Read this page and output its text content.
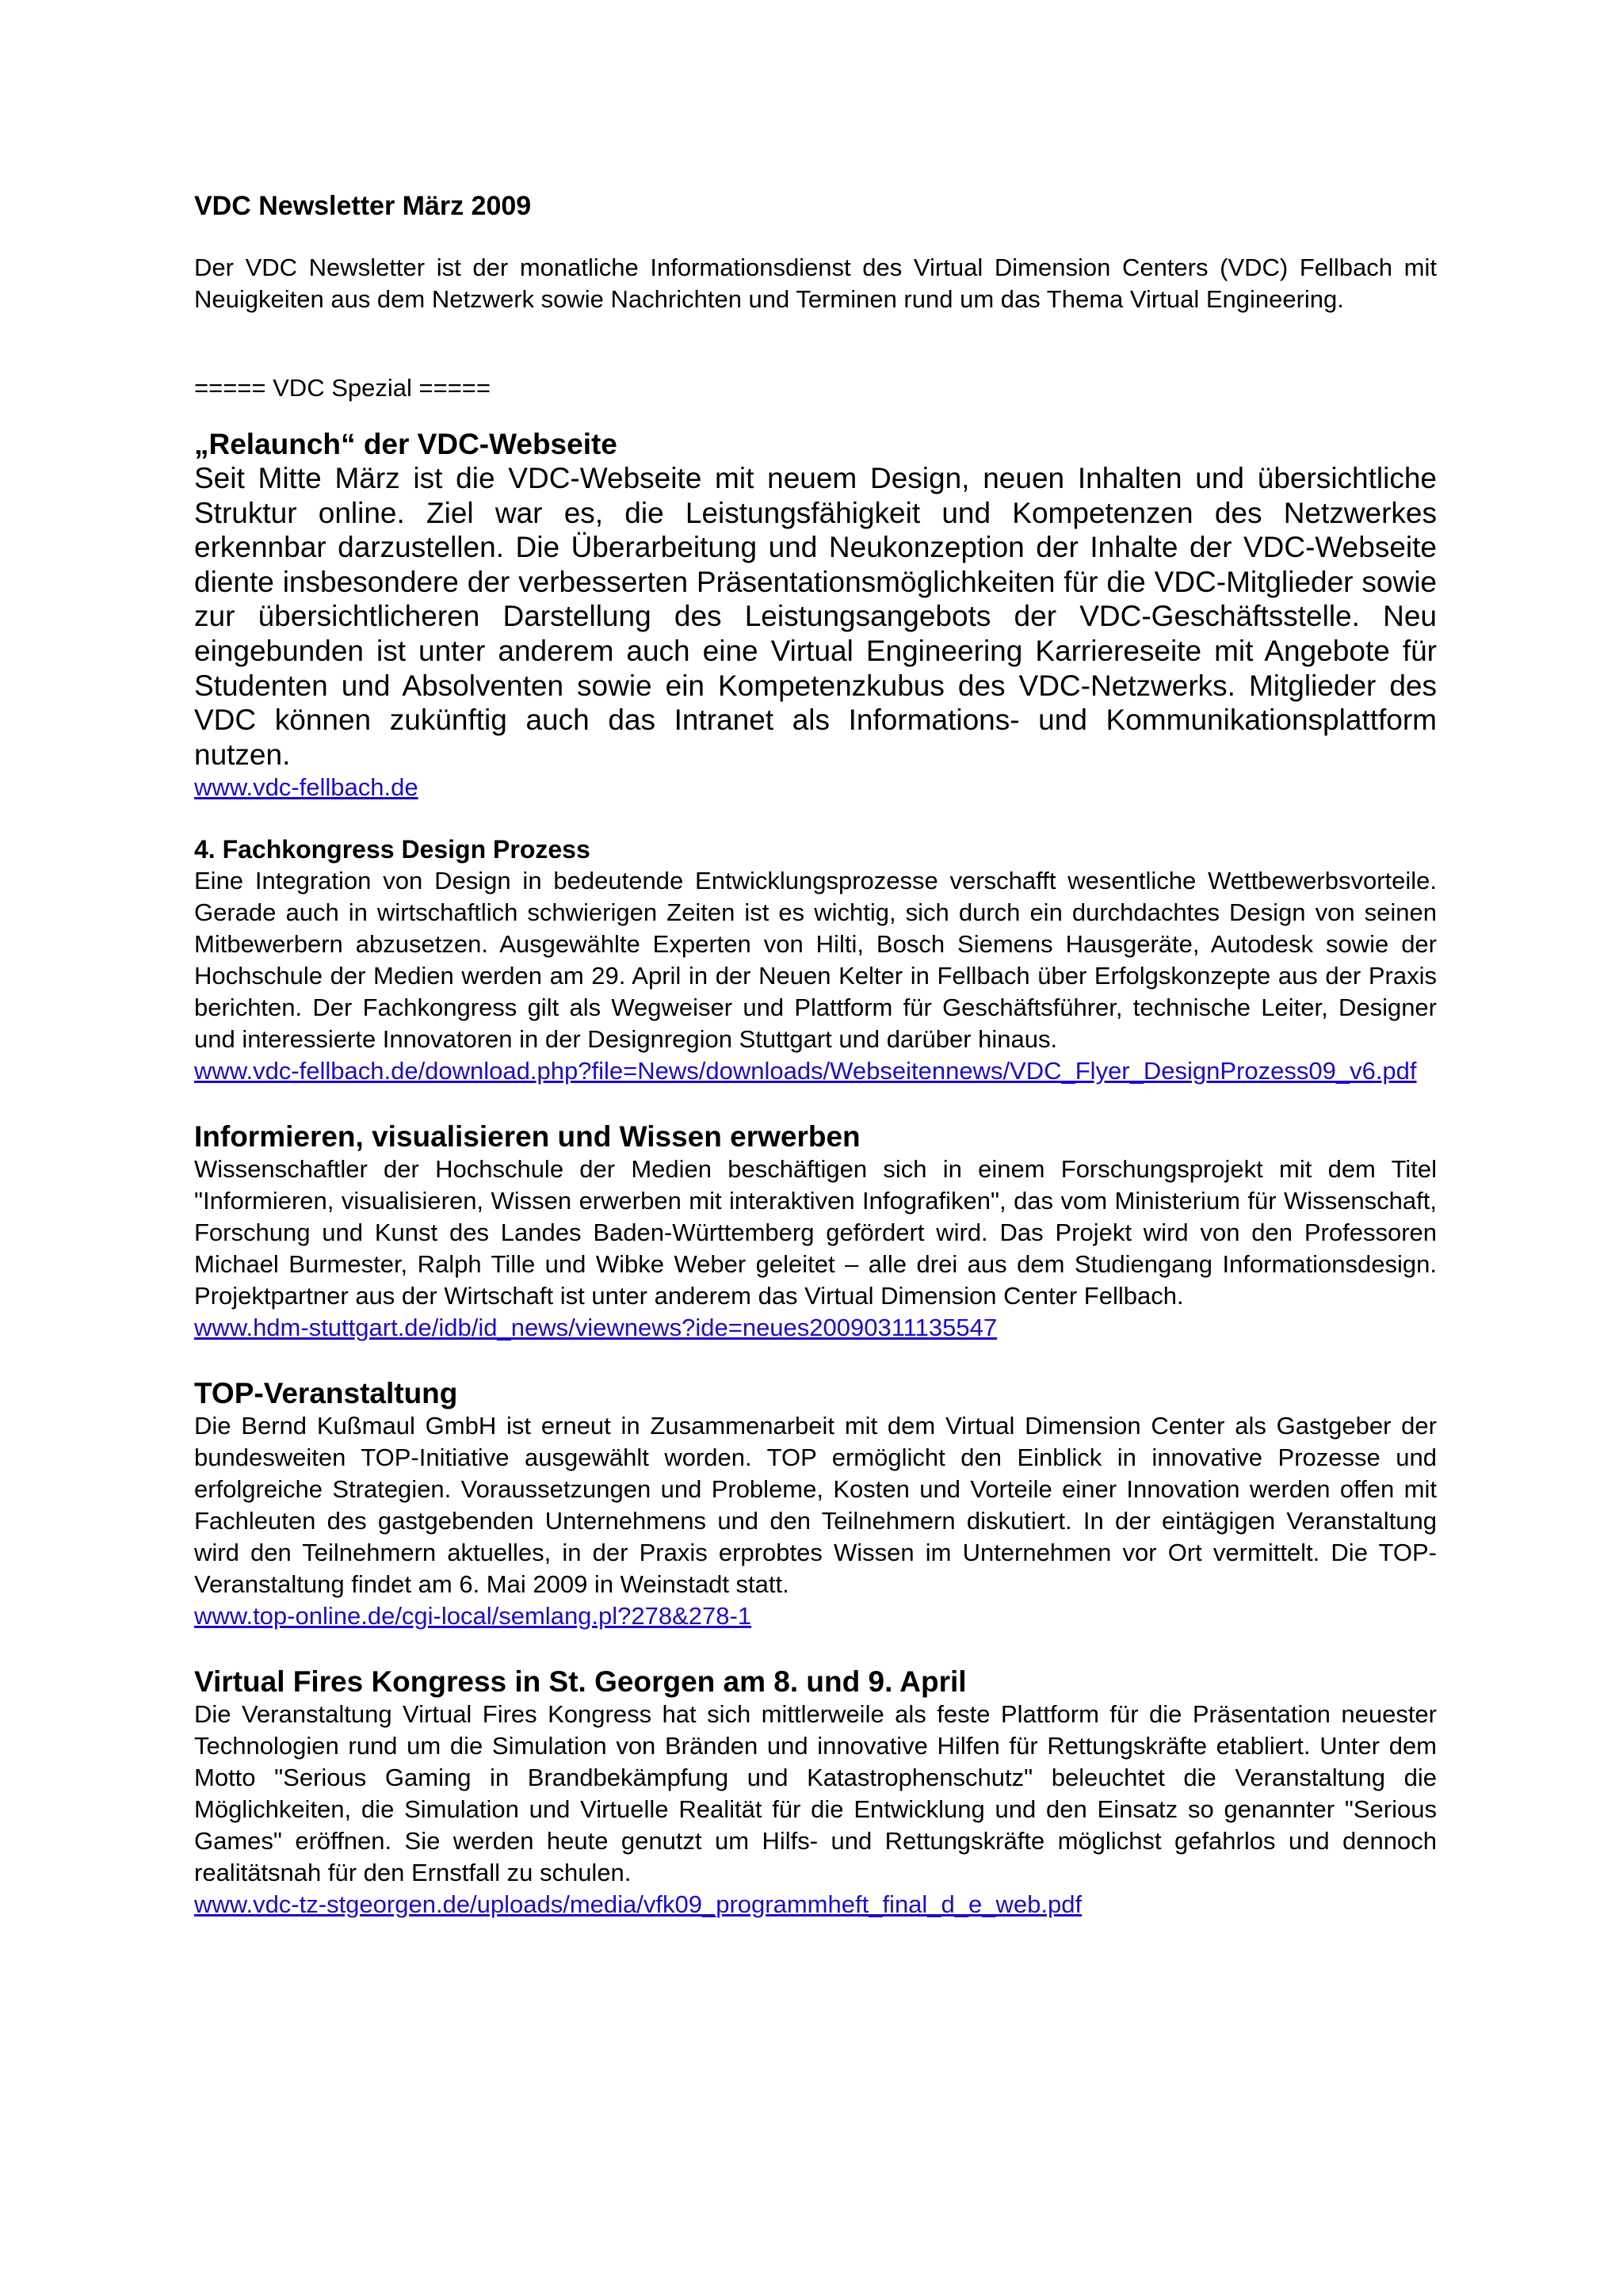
VDC Newsletter März 2009

Der VDC Newsletter ist der monatliche Informationsdienst des Virtual Dimension Centers (VDC) Fellbach mit Neuigkeiten aus dem Netzwerk sowie Nachrichten und Terminen rund um das Thema Virtual Engineering.

===== VDC Spezial =====

„Relaunch“ der VDC-Webseite

Seit Mitte März ist die VDC-Webseite mit neuem Design, neuen Inhalten und übersichtliche Struktur online. Ziel war es, die Leistungsfähigkeit und Kompetenzen des Netzwerkes erkennbar darzustellen. Die Überarbeitung und Neukonzeption der Inhalte der VDC-Webseite diente insbesondere der verbesserten Präsentationsmöglichkeiten für die VDC-Mitglieder sowie zur übersichtlicheren Darstellung des Leistungsangebots der VDC-Geschäftsstelle. Neu eingebunden ist unter anderem auch eine Virtual Engineering Karriereseite mit Angebote für Studenten und Absolventen sowie ein Kompetenzkubus des VDC-Netzwerks. Mitglieder des VDC können zukünftig auch das Intranet als Informations- und Kommunikationsplattform nutzen.

www.vdc-fellbach.de
4. Fachkongress Design Prozess

Eine Integration von Design in bedeutende Entwicklungsprozesse verschafft wesentliche Wettbewerbsvorteile. Gerade auch in wirtschaftlich schwierigen Zeiten ist es wichtig, sich durch ein durchdachtes Design von seinen Mitbewerbern abzusetzen. Ausgewählte Experten von Hilti, Bosch Siemens Hausgeräte, Autodesk sowie der Hochschule der Medien werden am 29. April in der Neuen Kelter in Fellbach über Erfolgskonzepte aus der Praxis berichten. Der Fachkongress gilt als Wegweiser und Plattform für Geschäftsführer, technische Leiter, Designer und interessierte Innovatoren in der Designregion Stuttgart und darüber hinaus.

www.vdc-fellbach.de/download.php?file=News/downloads/Webseitennews/VDC_Flyer_DesignProzess09_v6.pdf
Informieren, visualisieren und Wissen erwerben

Wissenschaftler der Hochschule der Medien beschäftigen sich in einem Forschungsprojekt mit dem Titel "Informieren, visualisieren, Wissen erwerben mit interaktiven Infografiken", das vom Ministerium für Wissenschaft, Forschung und Kunst des Landes Baden-Württemberg gefördert wird. Das Projekt wird von den Professoren Michael Burmester, Ralph Tille und Wibke Weber geleitet – alle drei aus dem Studiengang Informationsdesign. Projektpartner aus der Wirtschaft ist unter anderem das Virtual Dimension Center Fellbach.

www.hdm-stuttgart.de/idb/id_news/viewnews?ide=neues20090311135547
TOP-Veranstaltung

Die Bernd Kußmaul GmbH ist erneut in Zusammenarbeit mit dem Virtual Dimension Center als Gastgeber der bundesweiten TOP-Initiative ausgewählt worden. TOP ermöglicht den Einblick in innovative Prozesse und erfolgreiche Strategien. Voraussetzungen und Probleme, Kosten und Vorteile einer Innovation werden offen mit Fachleuten des gastgebenden Unternehmens und den Teilnehmern diskutiert. In der eintägigen Veranstaltung wird den Teilnehmern aktuelles, in der Praxis erprobtes Wissen im Unternehmen vor Ort vermittelt. Die TOP-Veranstaltung findet am 6. Mai 2009 in Weinstadt statt.

www.top-online.de/cgi-local/semlang.pl?278&278-1
Virtual Fires Kongress in St. Georgen am 8. und 9. April

Die Veranstaltung Virtual Fires Kongress hat sich mittlerweile als feste Plattform für die Präsentation neuester Technologien rund um die Simulation von Bränden und innovative Hilfen für Rettungskräfte etabliert. Unter dem Motto "Serious Gaming in Brandbekämpfung und Katastrophenschutz" beleuchtet die Veranstaltung die Möglichkeiten, die Simulation und Virtuelle Realität für die Entwicklung und den Einsatz so genannter "Serious Games" eröffnen. Sie werden heute genutzt um Hilfs- und Rettungskräfte möglichst gefahrlos und dennoch realitätsnah für den Ernstfall zu schulen.

www.vdc-tz-stgeorgen.de/uploads/media/vfk09_programmheft_final_d_e_web.pdf
